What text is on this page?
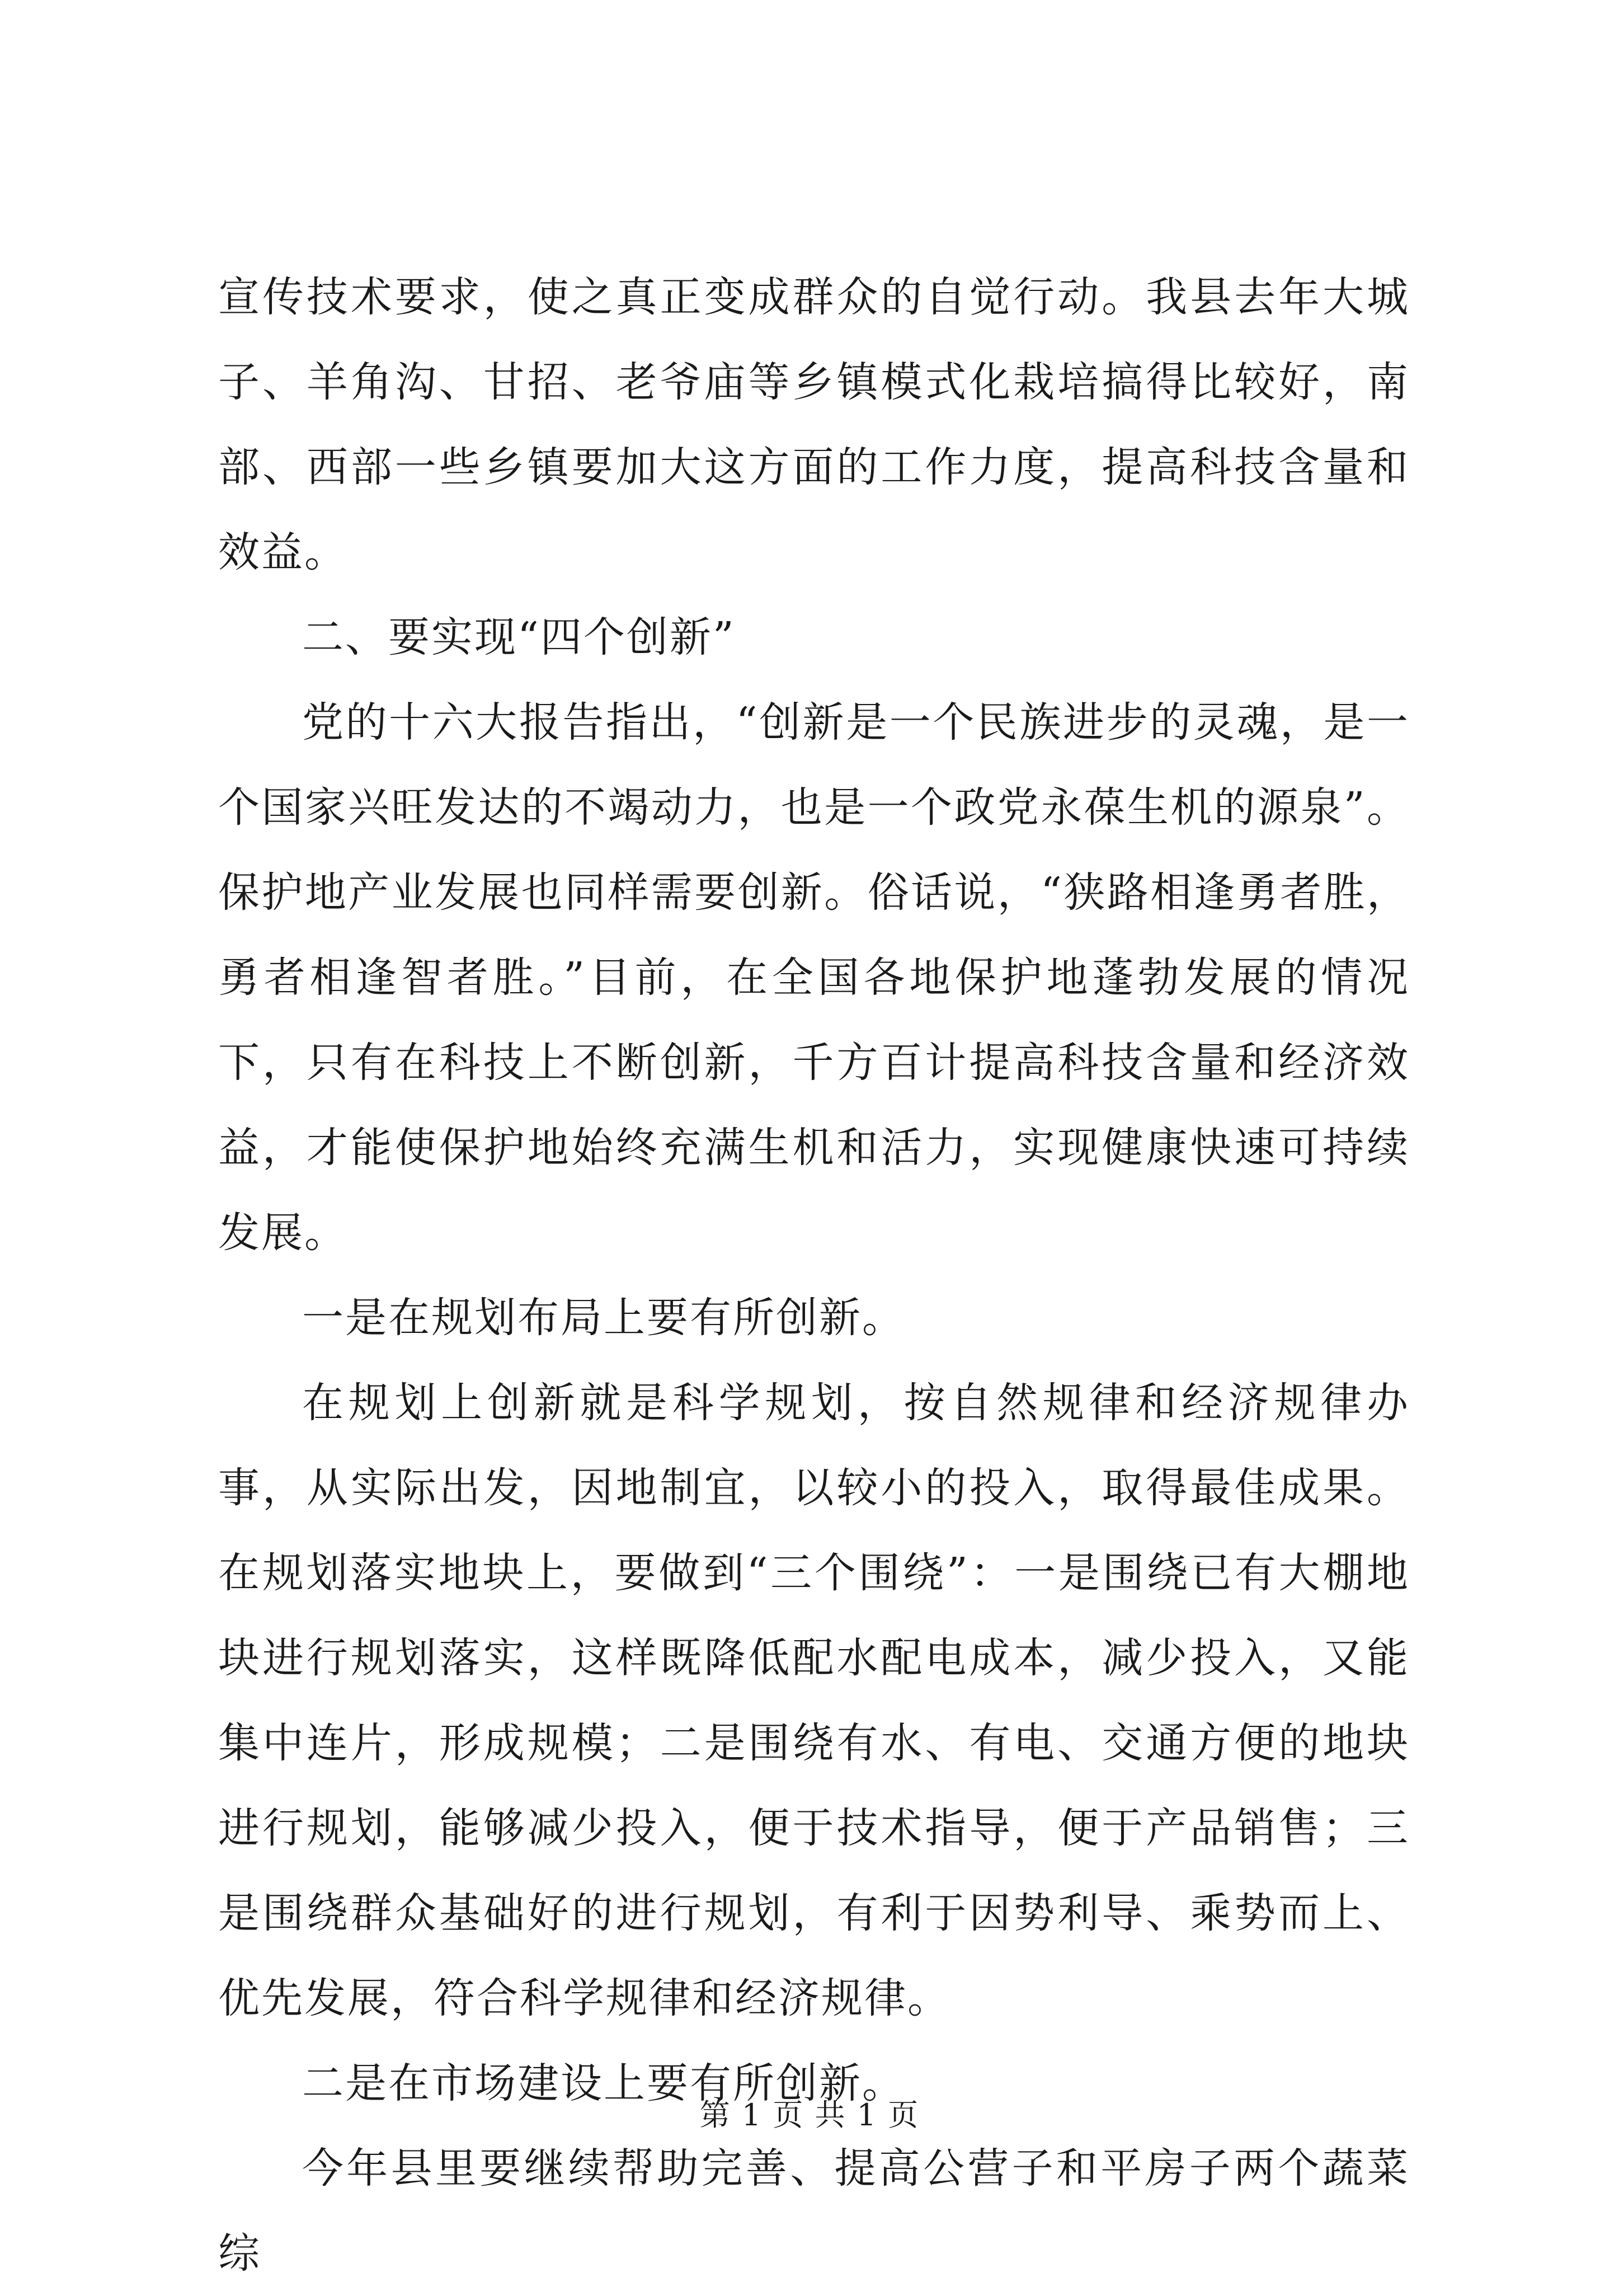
宣传技术要求，使之真正变成群众的自觉行动。我县去年大城子、羊角沟、甘招、老爷庙等乡镇模式化栽培搞得比较好，南部、西部一些乡镇要加大这方面的工作力度，提高科技含量和效益。

二、要实现“四个创新”

党的十六大报告指出，“创新是一个民族进步的灵魂，是一个国家兴旺发达的不竭动力，也是一个政党永葆生机的源泉”。保护地产业发展也同样需要创新。俗话说，“狭路相逢勇者胜，勇者相逢智者胜。”目前，在全国各地保护地蓬勃发展的情况下，只有在科技上不断创新，千方百计提高科技含量和经济效益，才能使保护地始终充满生机和活力，实现健康快速可持续发展。

一是在规划布局上要有所创新。

在规划上创新就是科学规划，按自然规律和经济规律办事，从实际出发，因地制宜，以较小的投入，取得最佳成果。在规划落实地块上，要做到“三个围绕”：一是围绕已有大棚地块进行规划落实，这样既降低配水配电成本，减少投入，又能集中连片，形成规模；二是围绕有水、有电、交通方便的地块进行规划，能够减少投入，便于技术指导，便于产品销售；三是围绕群众基础好的进行规划，有利于因势利导、乘势而上、优先发展，符合科学规律和经济规律。

二是在市场建设上要有所创新。

今年县里要继续帮助完善、提高公营子和平房子两个蔬菜综

第 1 页 共 1 页
